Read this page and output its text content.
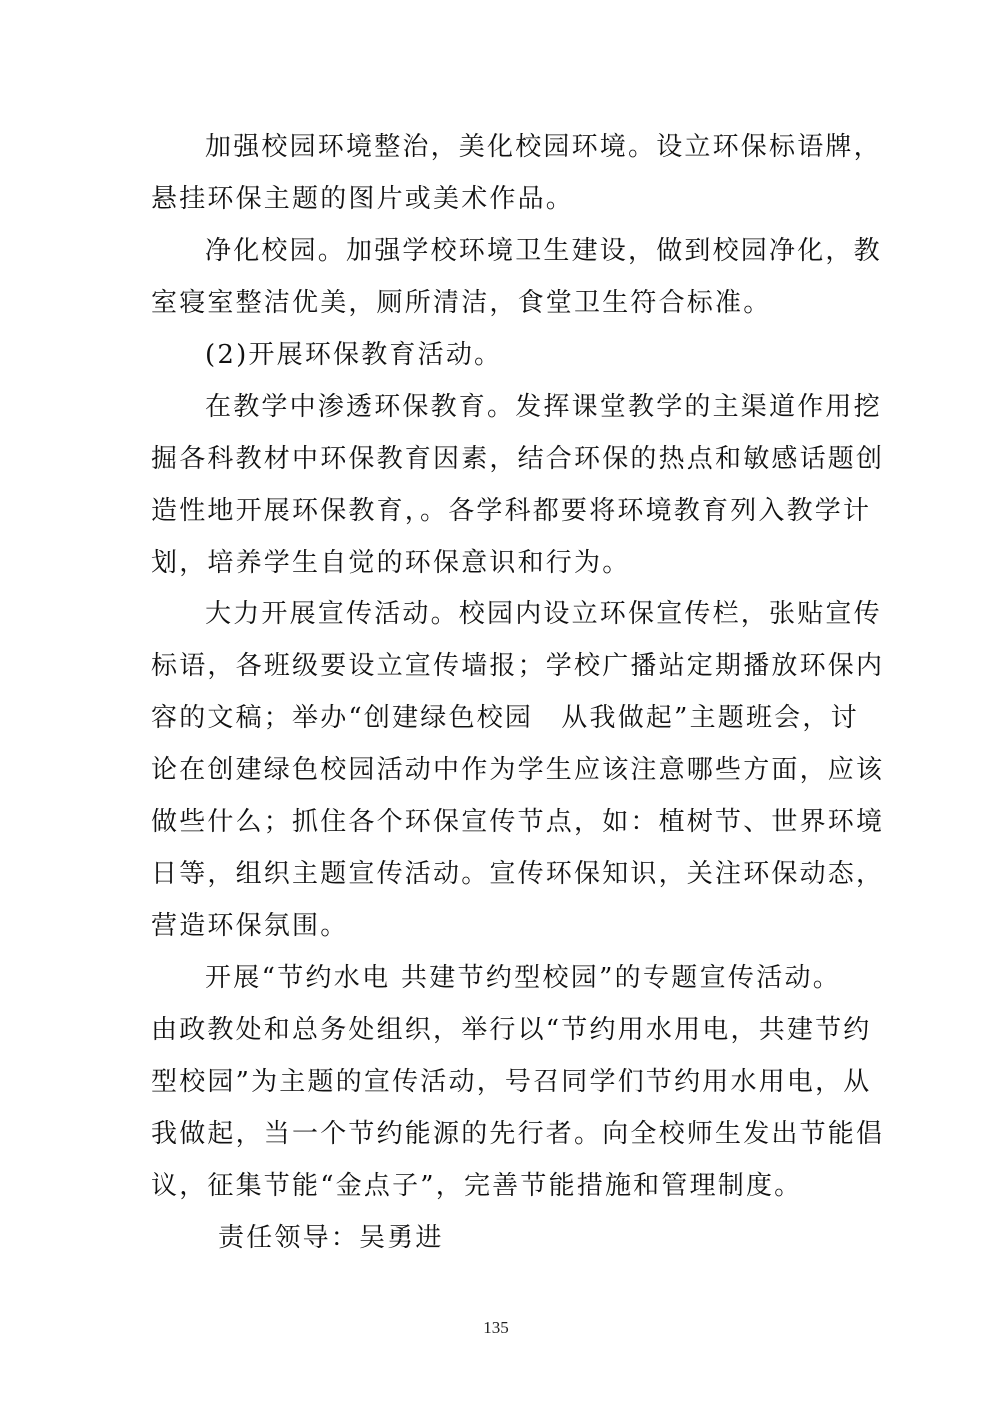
加强校园环境整治，美化校园环境。设立环保标语牌，
悬挂环保主题的图片或美术作品。
净化校园。加强学校环境卫生建设，做到校园净化，教
室寝室整洁优美，厕所清洁，食堂卫生符合标准。
(2)开展环保教育活动。
在教学中渗透环保教育。发挥课堂教学的主渠道作用挖
掘各科教材中环保教育因素，结合环保的热点和敏感话题创
造性地开展环保教育，。各学科都要将环境教育列入教学计
划，培养学生自觉的环保意识和行为。
大力开展宣传活动。校园内设立环保宣传栏，张贴宣传
标语，各班级要设立宣传墙报；学校广播站定期播放环保内
容的文稿；举办“创建绿色校园　从我做起”主题班会，讨
论在创建绿色校园活动中作为学生应该注意哪些方面，应该
做些什么；抓住各个环保宣传节点，如：植树节、世界环境
日等，组织主题宣传活动。宣传环保知识，关注环保动态，
营造环保氛围。
开展“节约水电 共建节约型校园”的专题宣传活动。
由政教处和总务处组织，举行以“节约用水用电，共建节约
型校园”为主题的宣传活动，号召同学们节约用水用电，从
我做起，当一个节约能源的先行者。向全校师生发出节能倡
议，征集节能“金点子”，完善节能措施和管理制度。
责任领导：吴勇进
135
